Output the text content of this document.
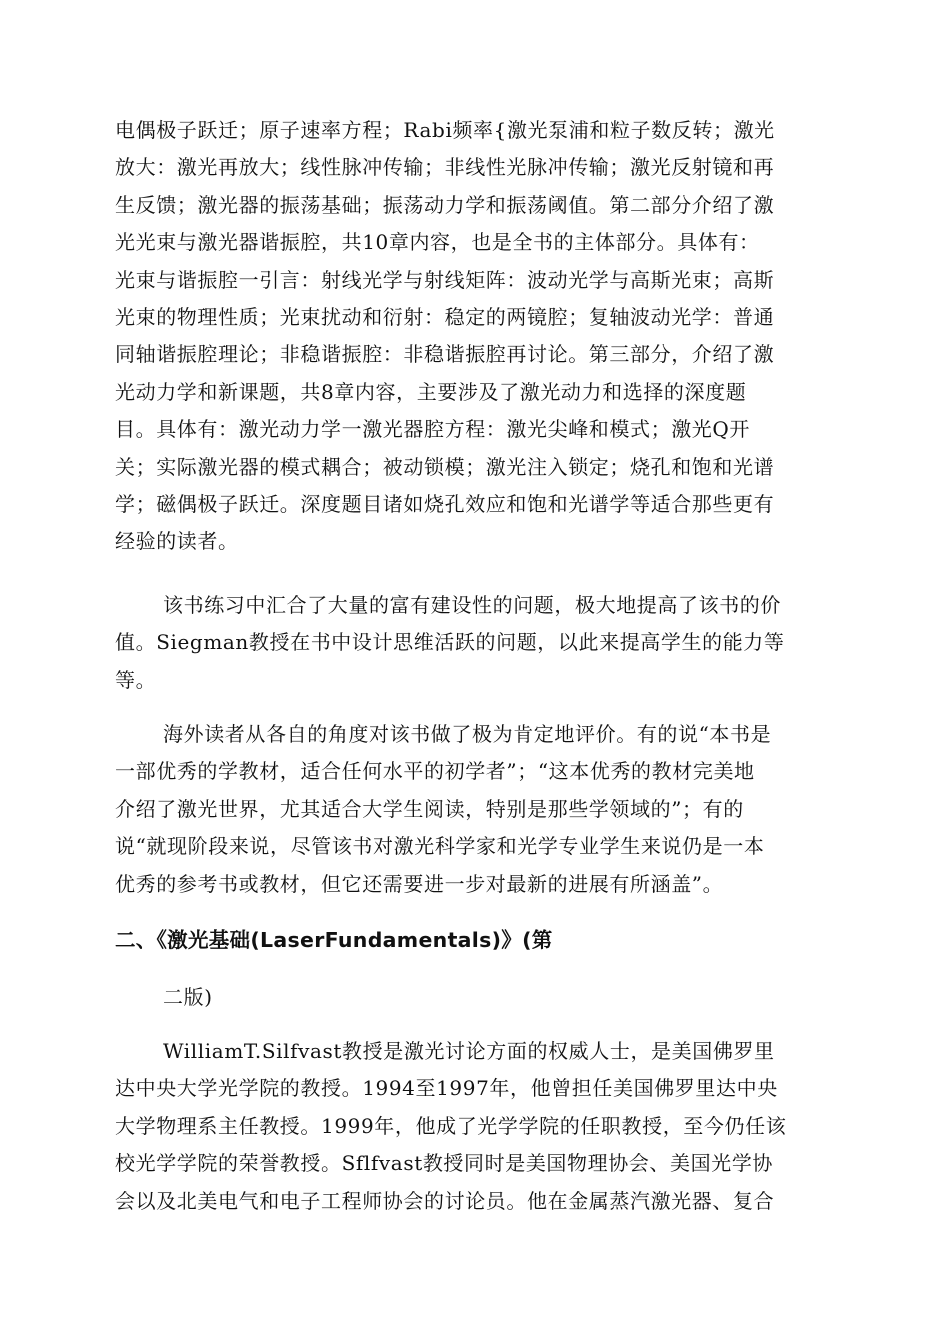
电偶极子跃迁；原子速率方程；Rabi频率{激光泵浦和粒子数反转；激光
放大：激光再放大；线性脉冲传输；非线性光脉冲传输；激光反射镜和再
生反馈；激光器的振荡基础；振荡动力学和振荡阈值。第二部分介绍了激
光光束与激光器谐振腔，共10章内容，也是全书的主体部分。具体有：
光束与谐振腔一引言：射线光学与射线矩阵：波动光学与高斯光束；高斯
光束的物理性质；光束扰动和衍射：稳定的两镜腔；复轴波动光学：普通
同轴谐振腔理论；非稳谐振腔：非稳谐振腔再讨论。第三部分，介绍了激
光动力学和新课题，共8章内容，主要涉及了激光动力和选择的深度题
目。具体有：激光动力学一激光器腔方程：激光尖峰和模式；激光Q开
关；实际激光器的模式耦合；被动锁模；激光注入锁定；烧孔和饱和光谱
学；磁偶极子跃迁。深度题目诸如烧孔效应和饱和光谱学等适合那些更有
经验的读者。
该书练习中汇合了大量的富有建设性的问题，极大地提高了该书的价
值。Siegman教授在书中设计思维活跃的问题，以此来提高学生的能力等
等。
海外读者从各自的角度对该书做了极为肯定地评价。有的说“本书是
一部优秀的学教材，适合任何水平的初学者”；“这本优秀的教材完美地
介绍了激光世界，尤其适合大学生阅读，特别是那些学领域的”；有的
说“就现阶段来说，尽管该书对激光科学家和光学专业学生来说仍是一本
优秀的参考书或教材，但它还需要进一步对最新的进展有所涵盖”。
二、《激光基础(LaserFundamentals)》(第
二版)
WilliamT.Silfvast教授是激光讨论方面的权威人士，是美国佛罗里
达中央大学光学院的教授。1994至1997年，他曾担任美国佛罗里达中央
大学物理系主任教授。1999年，他成了光学学院的任职教授，至今仍任该
校光学学院的荣誉教授。Sflfvast教授同时是美国物理协会、美国光学协
会以及北美电气和电子工程师协会的讨论员。他在金属蒸汽激光器、复合
